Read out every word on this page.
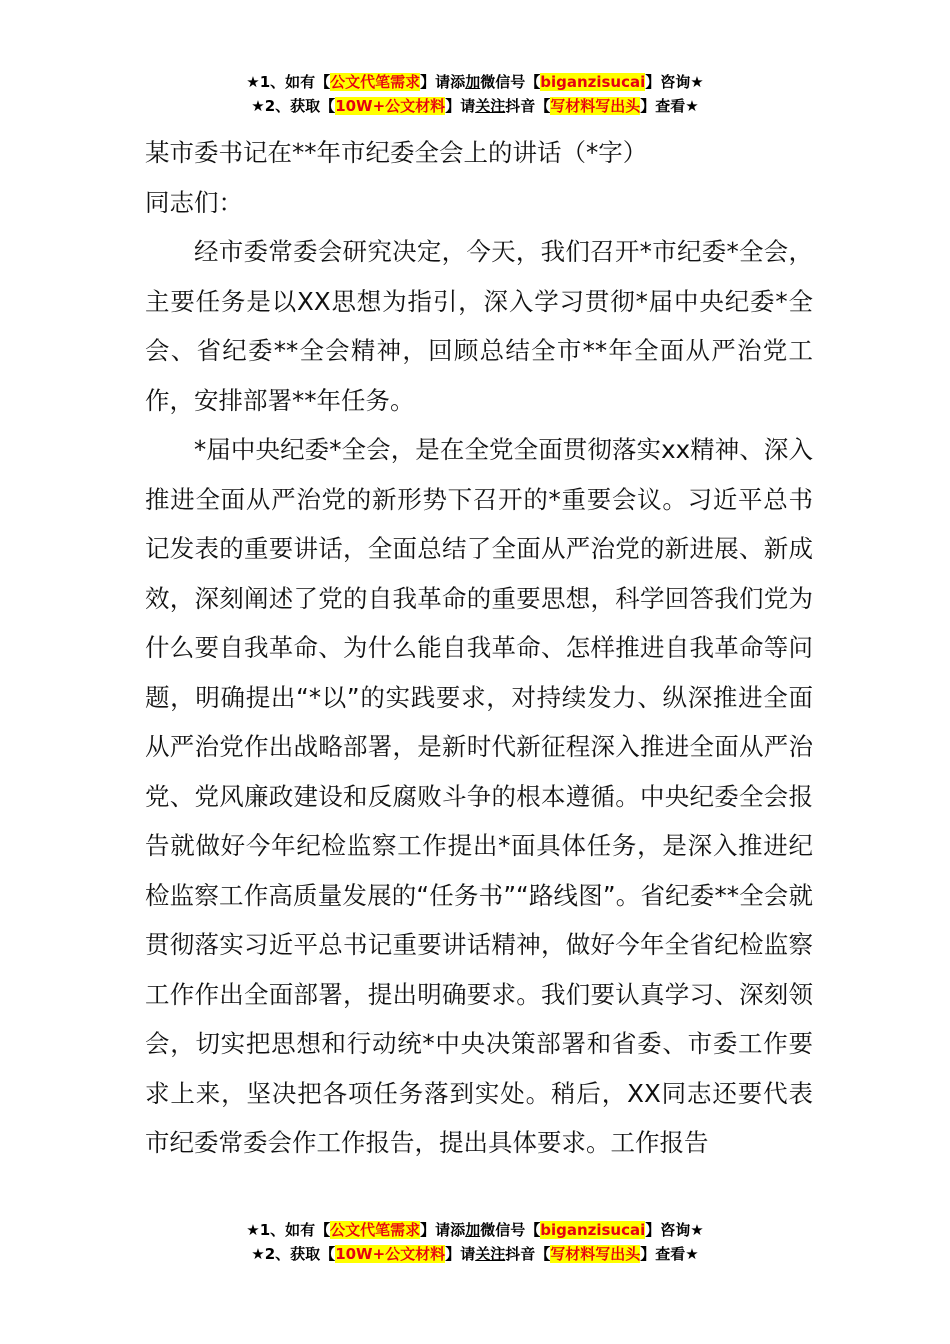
★1、如有【公文代笔需求】请添加微信号【biganzisucai】咨询★
★2、获取【10W+公文材料】请关注抖音【写材料写出头】查看★

某市委书记在**年市纪委全会上的讲话（*字）

同志们：

经市委常委会研究决定，今天，我们召开*市纪委*全会，主要任务是以XX思想为指引，深入学习贯彻*届中央纪委*全会、省纪委**全会精神，回顾总结全市**年全面从严治党工作，安排部署**年任务。

*届中央纪委*全会，是在全党全面贯彻落实xx精神、深入推进全面从严治党的新形势下召开的*重要会议。习近平总书记发表的重要讲话，全面总结了全面从严治党的新进展、新成效，深刻阐述了党的自我革命的重要思想，科学回答我们党为什么要自我革命、为什么能自我革命、怎样推进自我革命等问题，明确提出“*以”的实践要求，对持续发力、纵深推进全面从严治党作出战略部署，是新时代新征程深入推进全面从严治党、党风廉政建设和反腐败斗争的根本遵循。中央纪委全会报告就做好今年纪检监察工作提出*面具体任务，是深入推进纪检监察工作高质量发展的“任务书”“路线图”。省纪委**全会就贯彻落实习近平总书记重要讲话精神，做好今年全省纪检监察工作作出全面部署，提出明确要求。我们要认真学习、深刻领会，切实把思想和行动统*中央决策部署和省委、市委工作要求上来，坚决把各项任务落到实处。稍后，XX同志还要代表市纪委常委会作工作报告，提出具体要求。工作报告

★1、如有【公文代笔需求】请添加微信号【biganzisucai】咨询★
★2、获取【10W+公文材料】请关注抖音【写材料写出头】查看★
